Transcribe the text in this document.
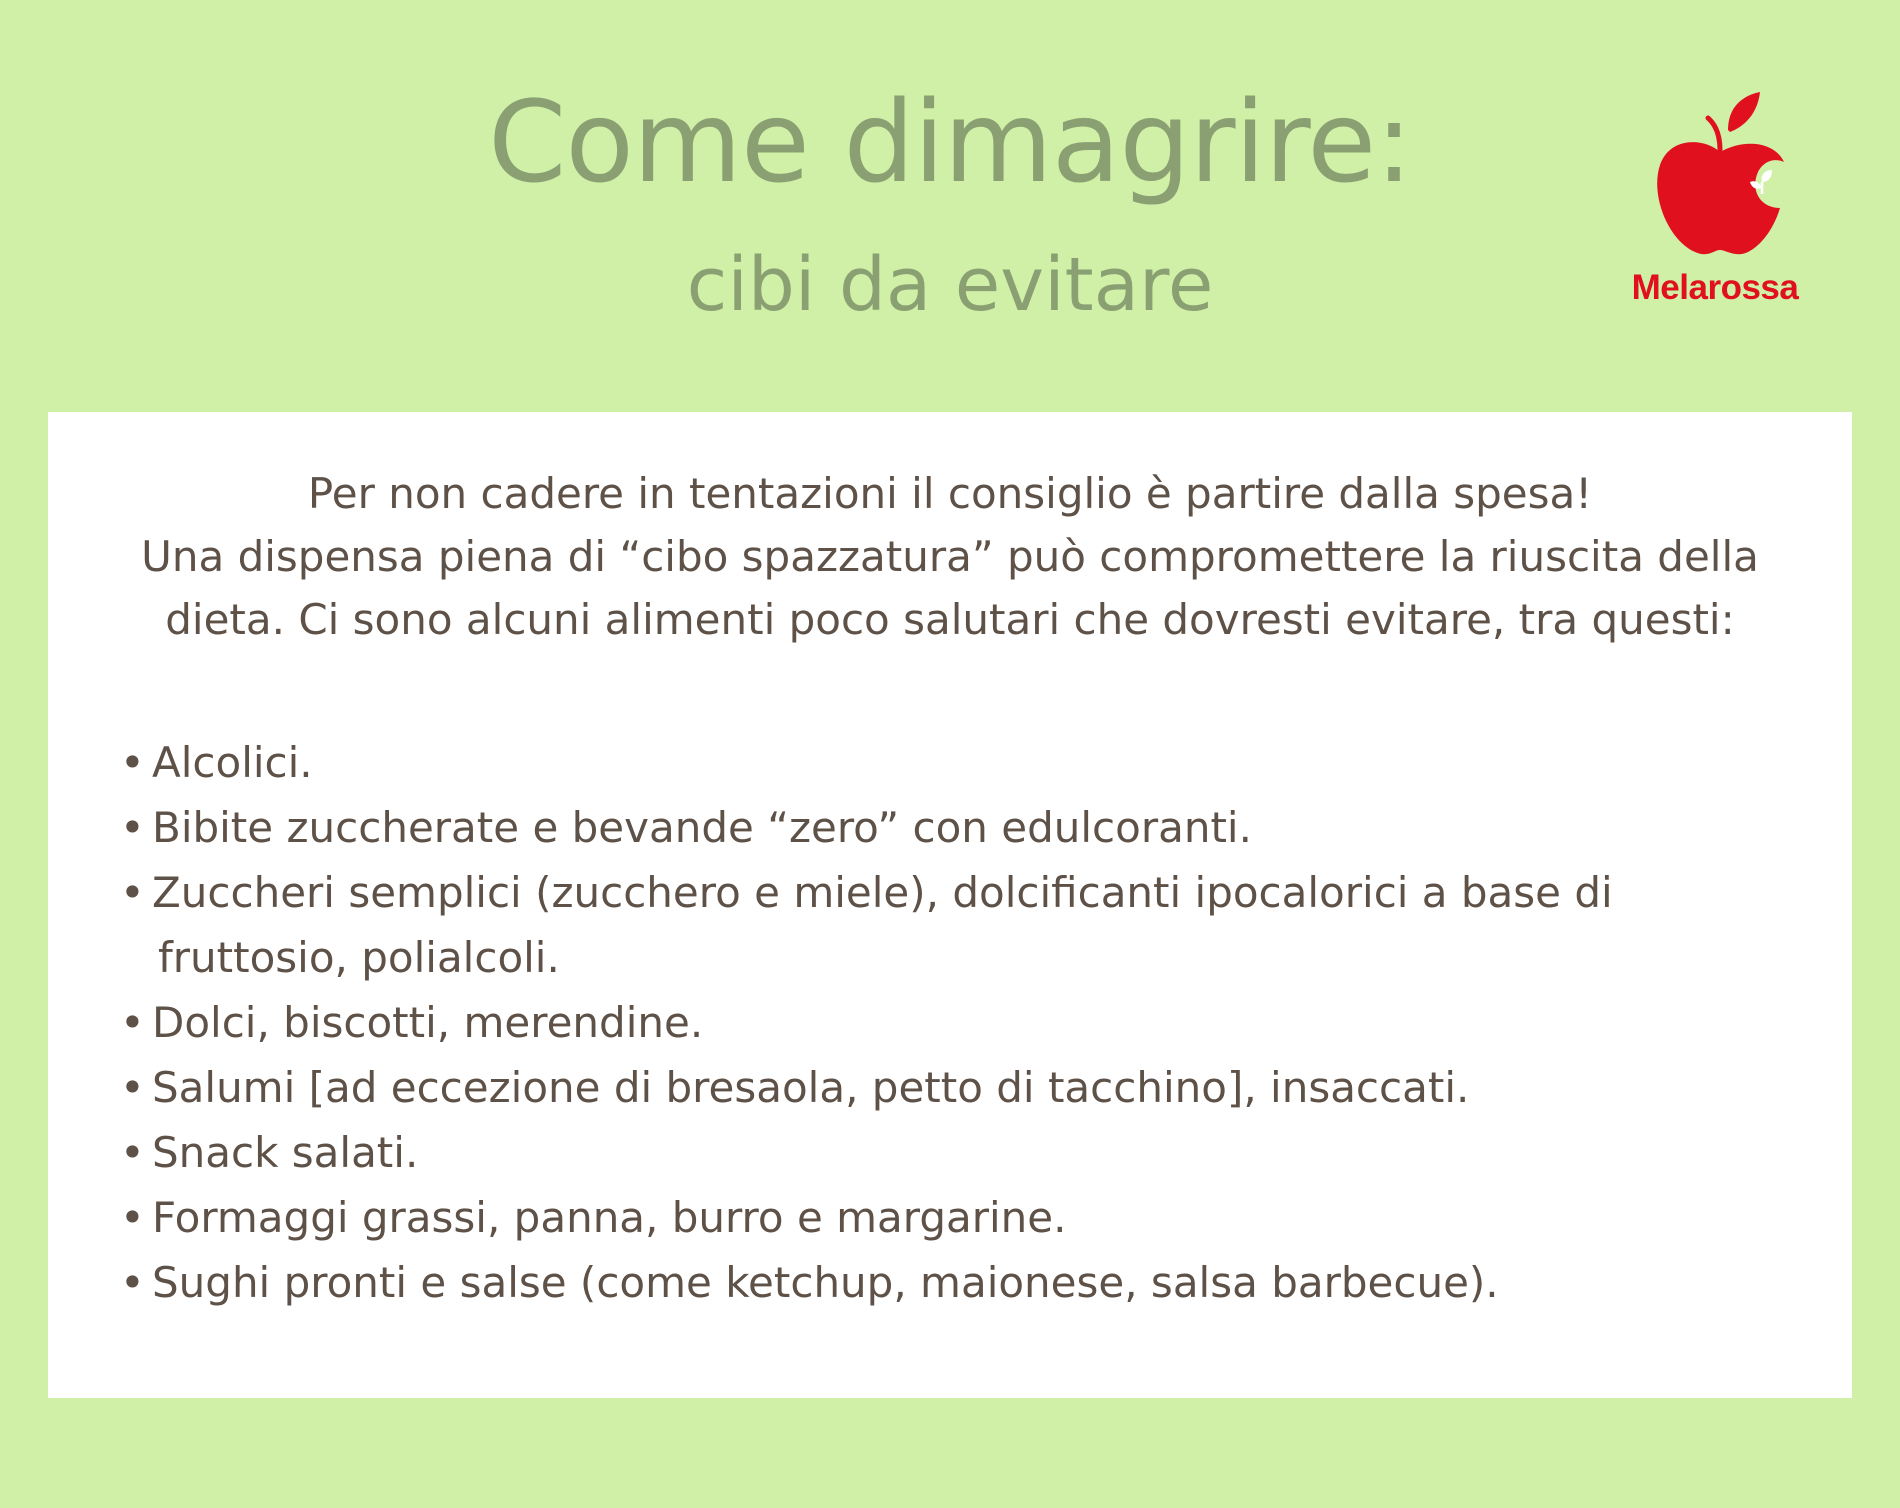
Come dimagrire:
cibi da evitare	Melarossa
Per non cadere in tentazioni il consiglio è partire dalla spesa!
Una dispensa piena di “cibo spazzatura” può compromettere la riuscita della
dieta. Ci sono alcuni alimenti poco salutari che dovresti evitare, tra questi:
• Alcolici.
• Bibite zuccherate e bevande “zero” con edulcoranti.
• Zuccheri semplici (zucchero e miele), dolcificanti ipocalorici a base di
fruttosio, polialcoli.
• Dolci, biscotti, merendine.
• Salumi [ad eccezione di bresaola, petto di tacchino], insaccati.
• Snack salati.
• Formaggi grassi, panna, burro e margarine.
• Sughi pronti e salse (come ketchup, maionese, salsa barbecue).
